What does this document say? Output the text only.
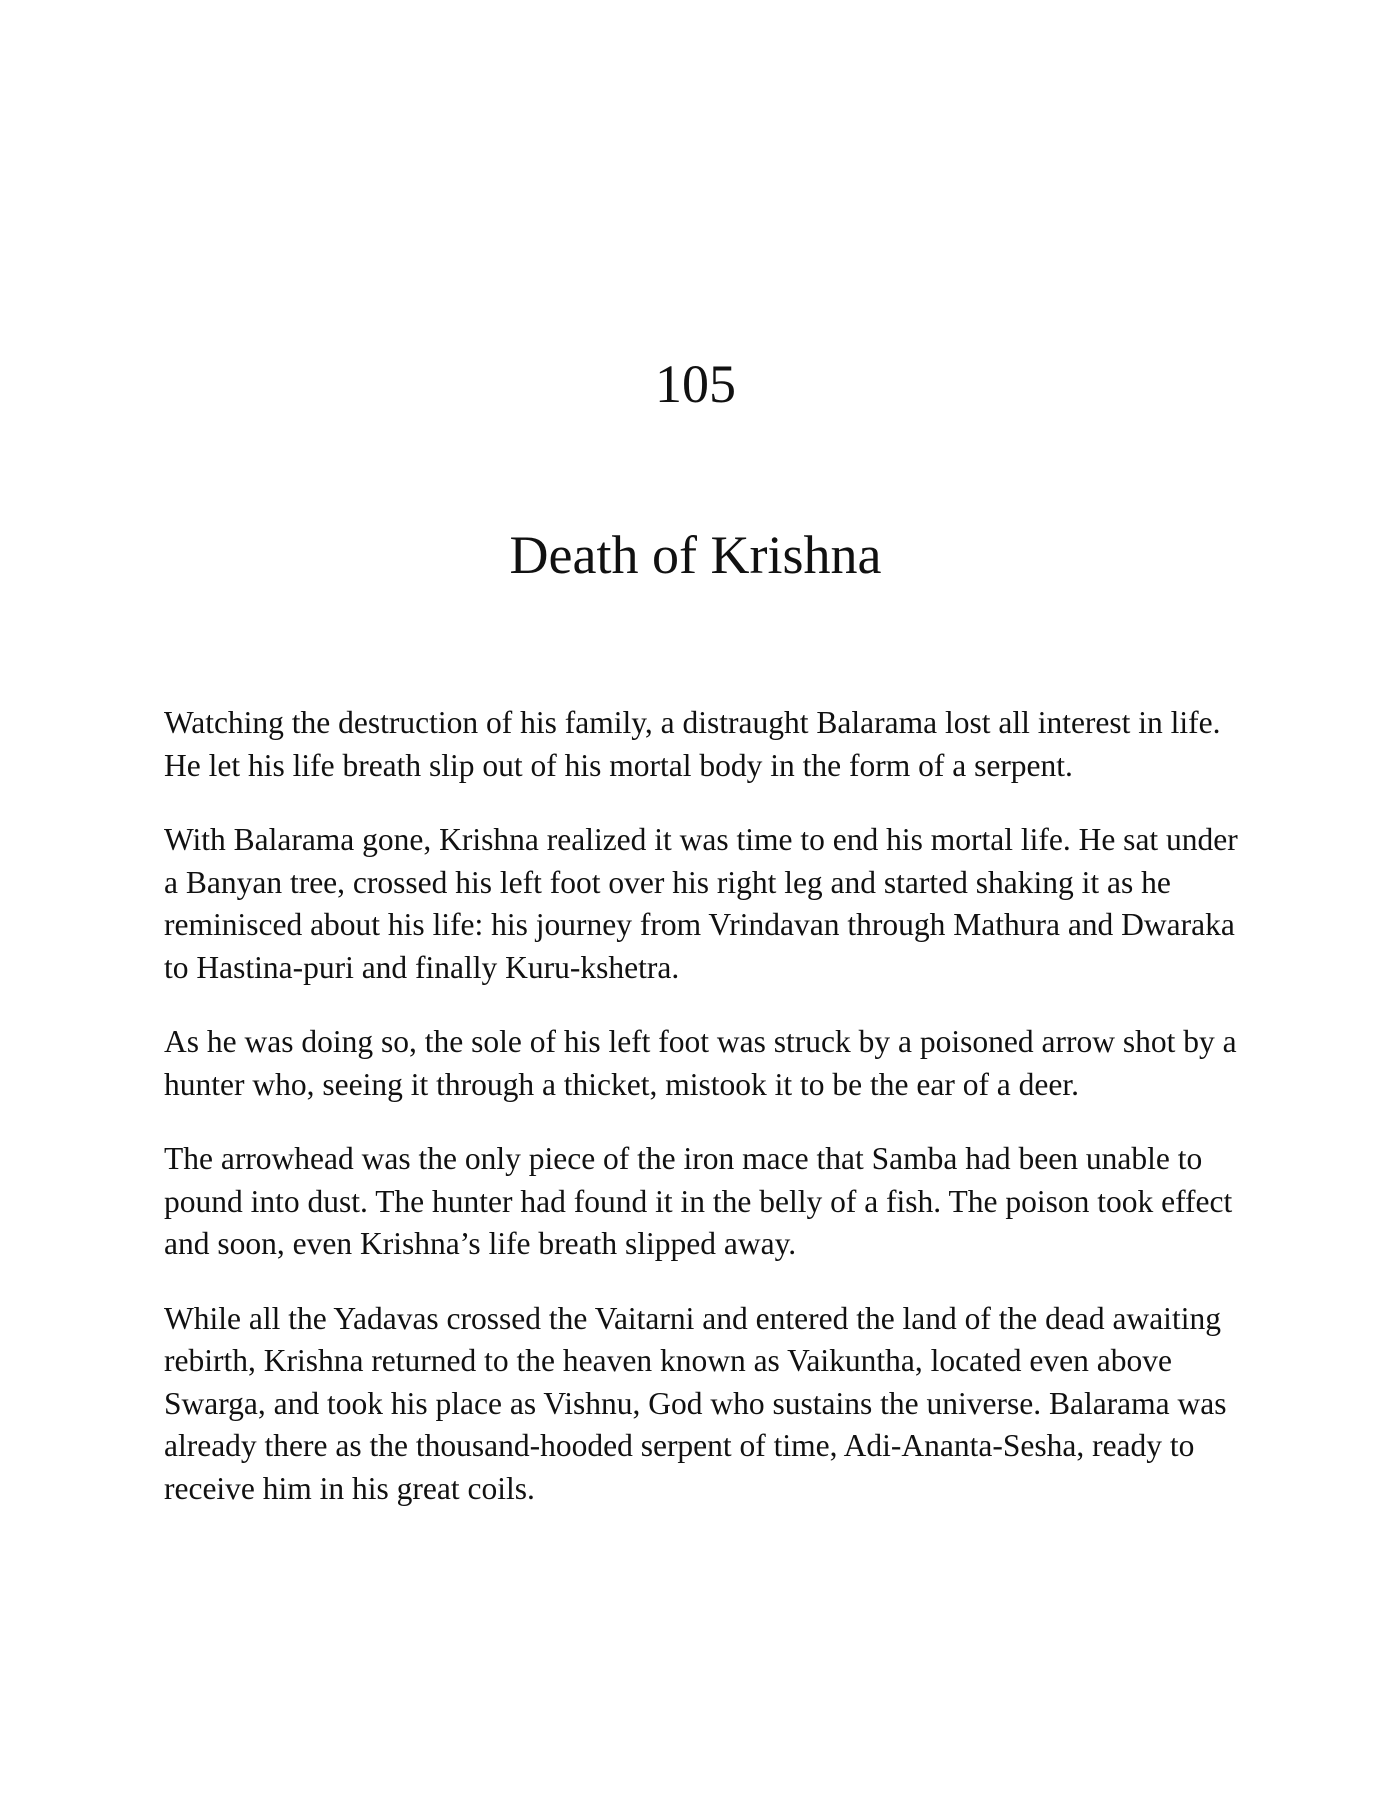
105
Death of Krishna

Watching the destruction of his family, a distraught Balarama lost all interest in life. He let his life breath slip out of his mortal body in the form of a serpent.

With Balarama gone, Krishna realized it was time to end his mortal life. He sat under a Banyan tree, crossed his left foot over his right leg and started shaking it as he reminisced about his life: his journey from Vrindavan through Mathura and Dwaraka to Hastina-puri and finally Kuru-kshetra.

As he was doing so, the sole of his left foot was struck by a poisoned arrow shot by a hunter who, seeing it through a thicket, mistook it to be the ear of a deer.

The arrowhead was the only piece of the iron mace that Samba had been unable to pound into dust. The hunter had found it in the belly of a fish. The poison took effect and soon, even Krishna’s life breath slipped away.

While all the Yadavas crossed the Vaitarni and entered the land of the dead awaiting rebirth, Krishna returned to the heaven known as Vaikuntha, located even above Swarga, and took his place as Vishnu, God who sustains the universe. Balarama was already there as the thousand-hooded serpent of time, Adi-Ananta-Sesha, ready to receive him in his great coils.
